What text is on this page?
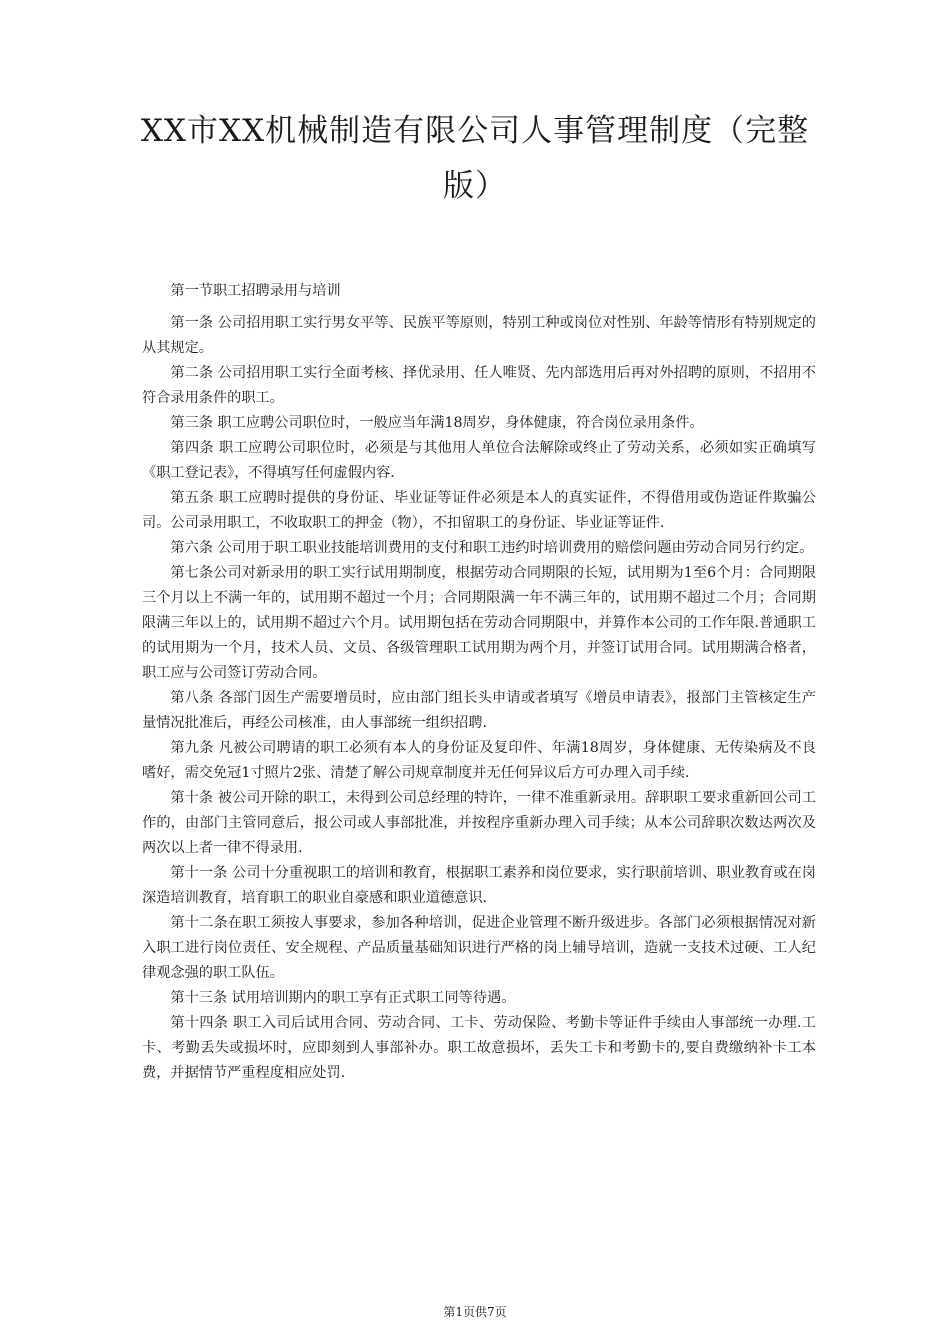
XX市XX机械制造有限公司人事管理制度（完整版）

第一节职工招聘录用与培训

第一条 公司招用职工实行男女平等、民族平等原则，特别工种或岗位对性别、年龄等情形有特别规定的从其规定。

第二条 公司招用职工实行全面考核、择优录用、任人唯贤、先内部选用后再对外招聘的原则，不招用不符合录用条件的职工。

第三条 职工应聘公司职位时，一般应当年满18周岁，身体健康，符合岗位录用条件。

第四条 职工应聘公司职位时，必须是与其他用人单位合法解除或终止了劳动关系，必须如实正确填写《职工登记表》，不得填写任何虚假内容.

第五条 职工应聘时提供的身份证、毕业证等证件必须是本人的真实证件，不得借用或伪造证件欺骗公司。公司录用职工，不收取职工的押金（物），不扣留职工的身份证、毕业证等证件.

第六条 公司用于职工职业技能培训费用的支付和职工违约时培训费用的赔偿问题由劳动合同另行约定。

第七条公司对新录用的职工实行试用期制度，根据劳动合同期限的长短，试用期为1至6个月：合同期限三个月以上不满一年的，试用期不超过一个月；合同期限满一年不满三年的，试用期不超过二个月；合同期限满三年以上的，试用期不超过六个月。试用期包括在劳动合同期限中，并算作本公司的工作年限.普通职工的试用期为一个月，技术人员、文员、各级管理职工试用期为两个月，并签订试用合同。试用期满合格者，职工应与公司签订劳动合同。

第八条 各部门因生产需要增员时，应由部门组长头申请或者填写《增员申请表》，报部门主管核定生产量情况批准后，再经公司核准，由人事部统一组织招聘.

第九条 凡被公司聘请的职工必须有本人的身份证及复印件、年满18周岁，身体健康、无传染病及不良嗜好，需交免冠1寸照片2张、清楚了解公司规章制度并无任何异议后方可办理入司手续.

第十条 被公司开除的职工，未得到公司总经理的特许，一律不准重新录用。辞职职工要求重新回公司工作的，由部门主管同意后，报公司或人事部批准，并按程序重新办理入司手续；从本公司辞职次数达两次及两次以上者一律不得录用.

第十一条 公司十分重视职工的培训和教育，根据职工素养和岗位要求，实行职前培训、职业教育或在岗深造培训教育，培育职工的职业自豪感和职业道德意识.

第十二条在职工须按人事要求，参加各种培训，促进企业管理不断升级进步。各部门必须根据情况对新入职工进行岗位责任、安全规程、产品质量基础知识进行严格的岗上辅导培训，造就一支技术过硬、工人纪律观念强的职工队伍。

第十三条 试用培训期内的职工享有正式职工同等待遇。

第十四条 职工入司后试用合同、劳动合同、工卡、劳动保险、考勤卡等证件手续由人事部统一办理.工卡、考勤丢失或损坏时，应即刻到人事部补办。职工故意损坏，丢失工卡和考勤卡的,要自费缴纳补卡工本费，并据情节严重程度相应处罚.

第1页供7页
